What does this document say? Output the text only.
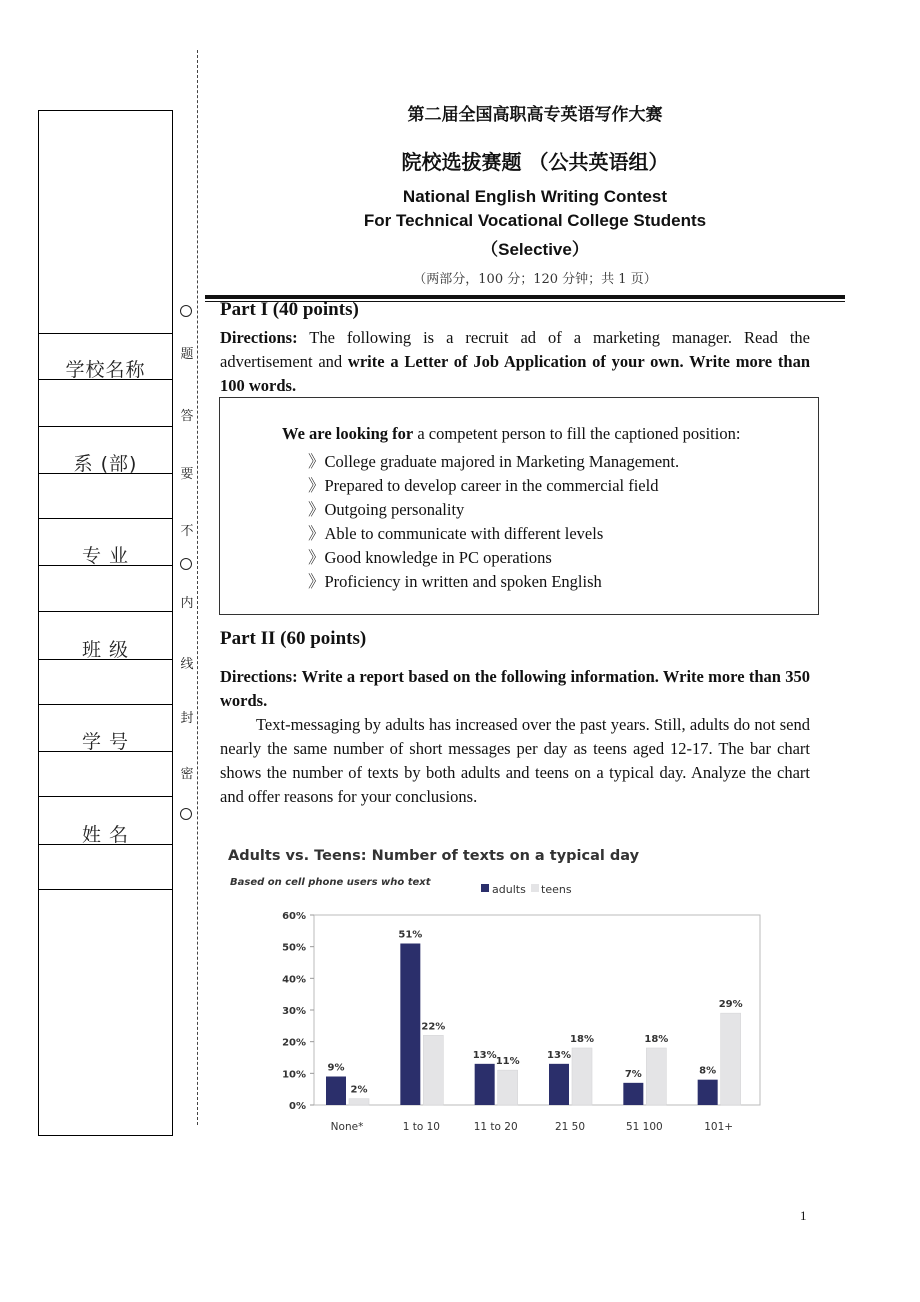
学校名称
系 (部)
专 业
班 级
学 号
姓 名
题
答
要
不
内
线
封
密
第二届全国高职高专英语写作大赛
院校选拔赛题 （公共英语组）
National English Writing Contest
For Technical Vocational College Students
（Selective）
（两部分，100 分；120 分钟；共 1 页）
Part I (40 points)
Directions: The following is a recruit ad of a marketing manager. Read the advertisement and write a Letter of Job Application of your own. Write more than 100 words.
We are looking for a competent person to fill the captioned position:
》College graduate majored in Marketing Management.
》Prepared to develop career in the commercial field
》Outgoing personality
》Able to communicate with different levels
》Good knowledge in PC operations
》Proficiency in written and spoken English
Part II (60 points)
Directions: Write a report based on the following information. Write more than 350 words.
Text-messaging by adults has increased over the past years. Still, adults do not send nearly the same number of short messages per day as teens aged 12-17. The bar chart shows the number of texts by both adults and teens on a typical day. Analyze the chart and offer reasons for your conclusions.
Adults vs. Teens: Number of texts on a typical day
Based on cell phone users who text
adults teens
60%
50%
40%
30%
20%
10%
0%
9%
2%
None*
51%
22%
1 to 10
13%
11%
11 to 20
13%
18%
21 50
7%
18%
51 100
8%
29%
101+
1
